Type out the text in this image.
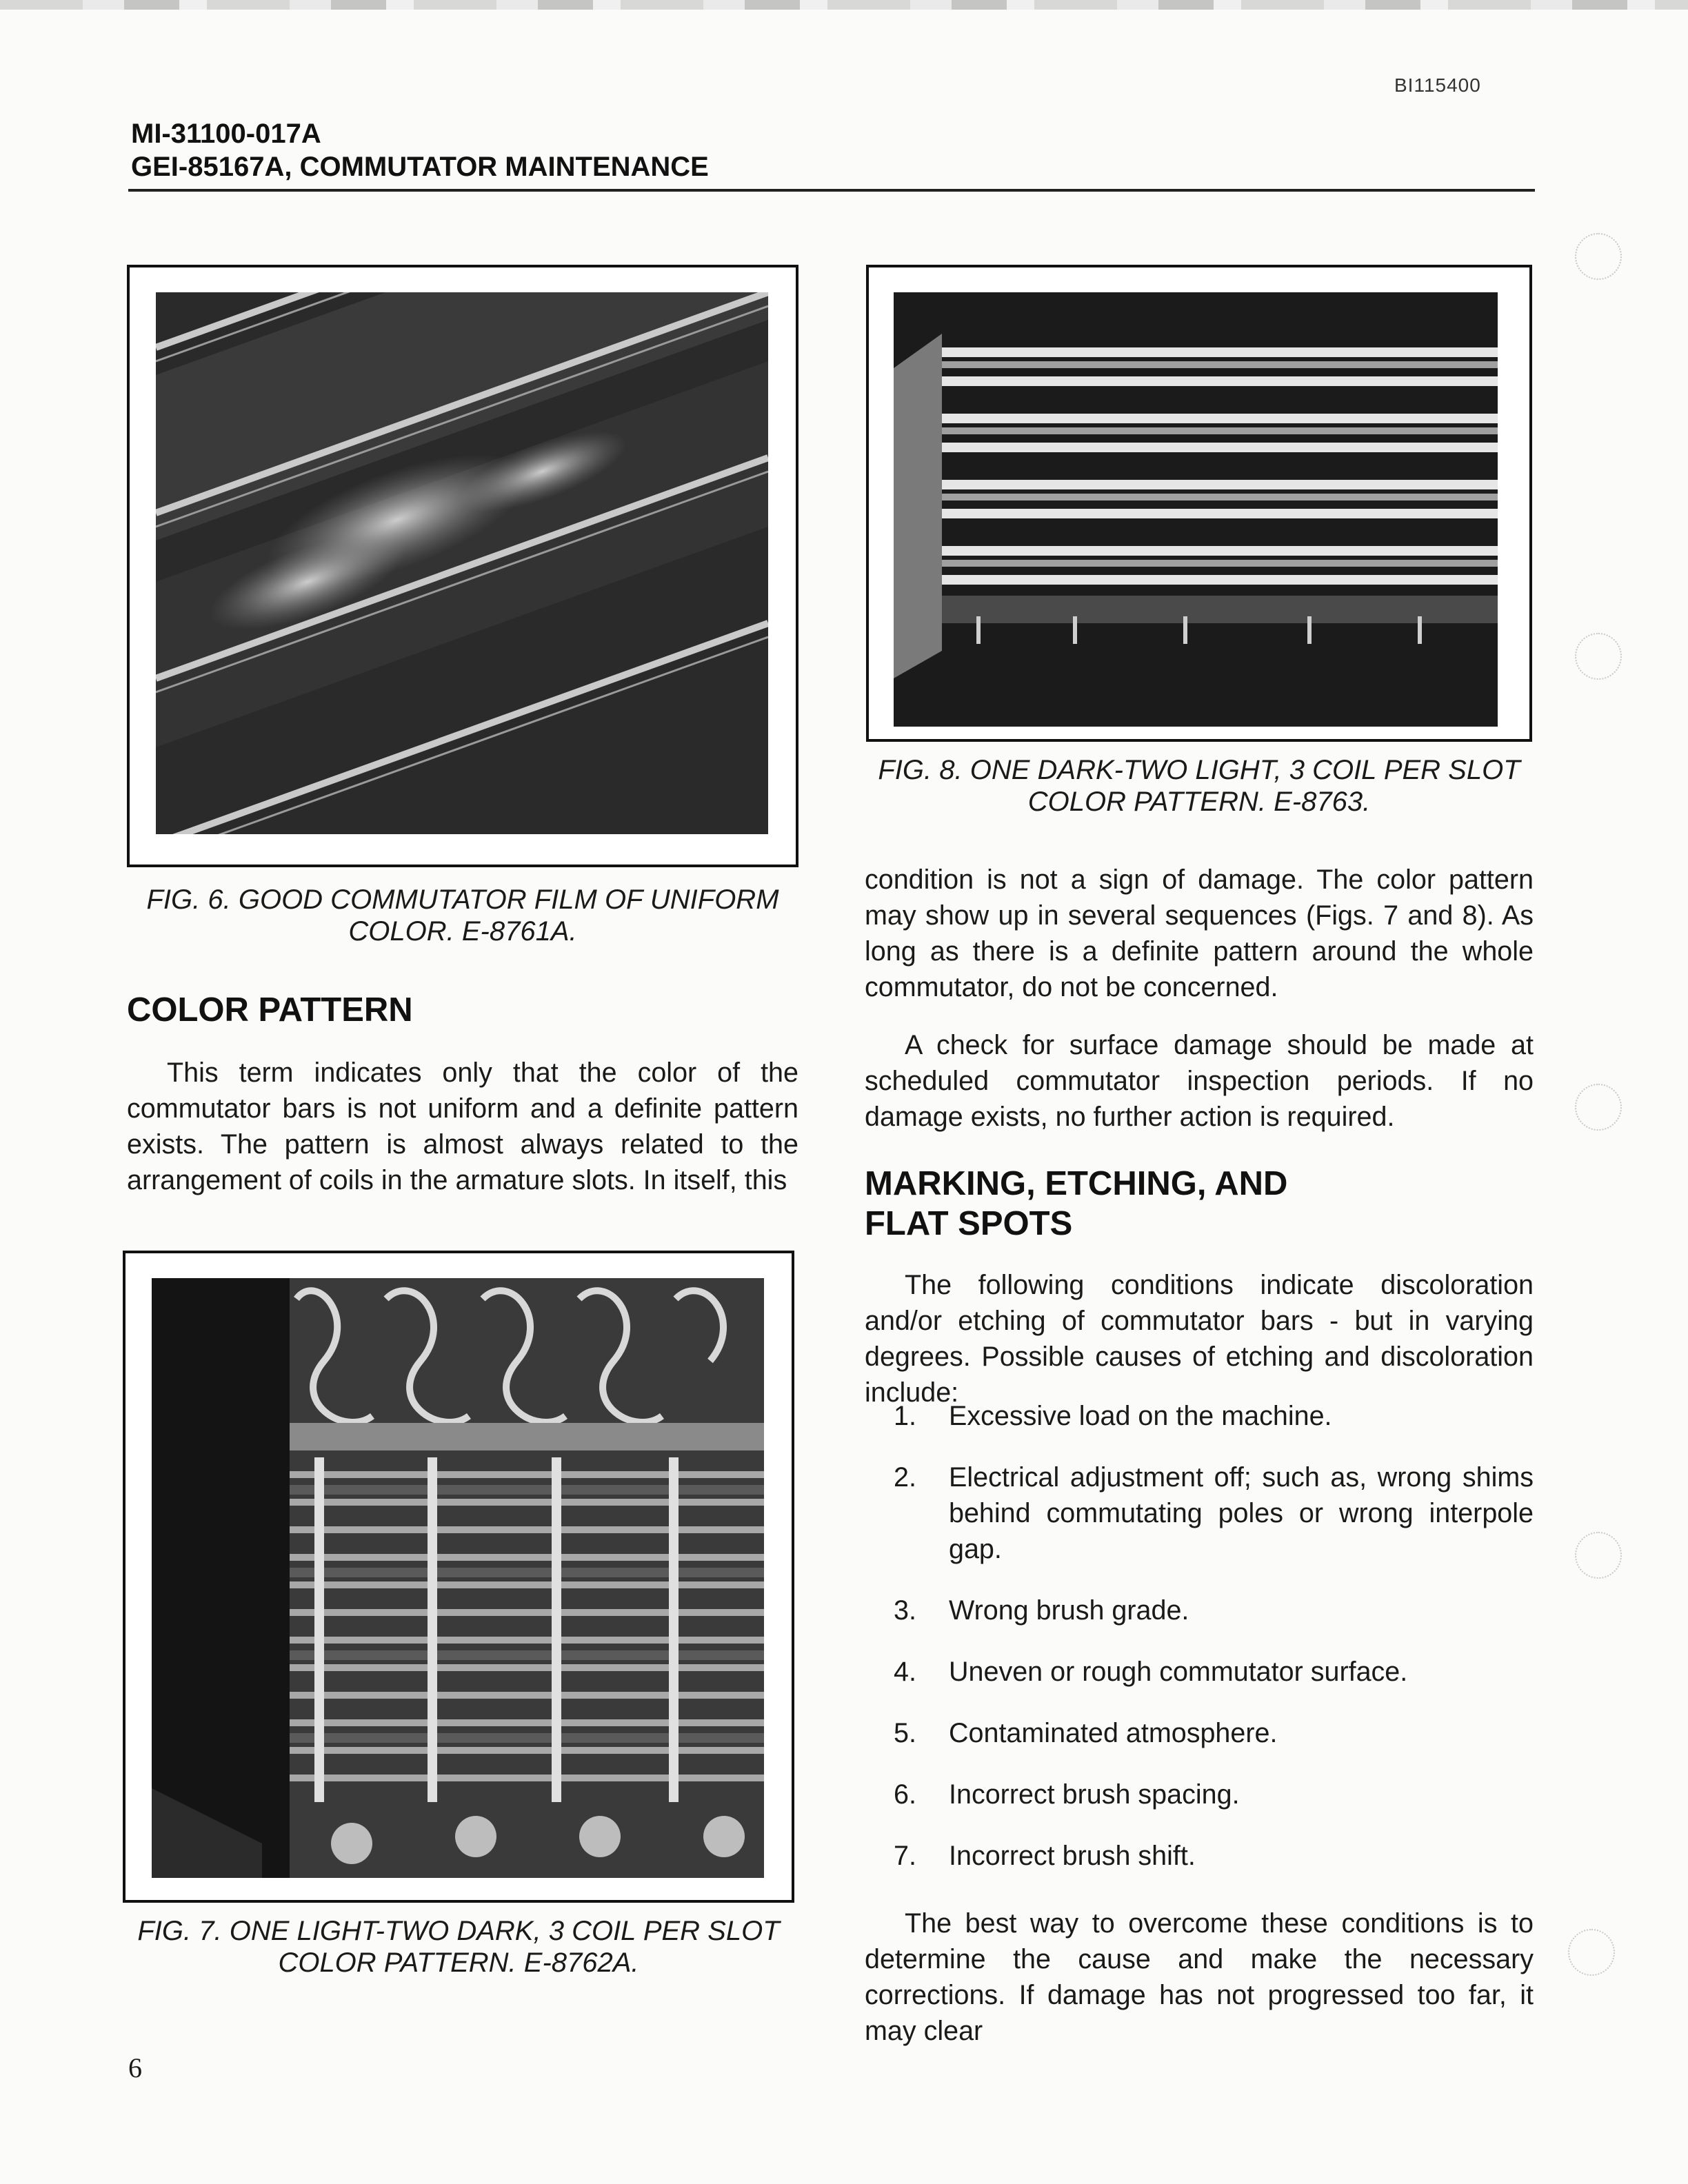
BI115400
MI-31100-017A
GEI-85167A, COMMUTATOR MAINTENANCE
FIG. 6. GOOD COMMUTATOR FILM OF UNIFORM
COLOR. E-8761A.
COLOR PATTERN
This term indicates only that the color of the commutator bars is not uniform and a definite pattern exists. The pattern is almost always related to the arrangement of coils in the armature slots. In itself, this
FIG. 7. ONE LIGHT-TWO DARK, 3 COIL PER SLOT
COLOR PATTERN. E-8762A.
FIG. 8. ONE DARK-TWO LIGHT, 3 COIL PER SLOT
COLOR PATTERN. E-8763.
condition is not a sign of damage. The color pattern may show up in several sequences (Figs. 7 and 8). As long as there is a definite pattern around the whole commutator, do not be concerned.
A check for surface damage should be made at scheduled commutator inspection periods. If no damage exists, no further action is required.
MARKING, ETCHING, AND
FLAT SPOTS
The following conditions indicate discoloration and/or etching of commutator bars - but in varying degrees. Possible causes of etching and discoloration include:
1.	Excessive load on the machine.
2.	Electrical adjustment off; such as, wrong shims behind commutating poles or wrong interpole gap.
3.	Wrong brush grade.
4.	Uneven or rough commutator surface.
5.	Contaminated atmosphere.
6.	Incorrect brush spacing.
7.	Incorrect brush shift.
The best way to overcome these conditions is to determine the cause and make the necessary corrections. If damage has not progressed too far, it may clear
6
